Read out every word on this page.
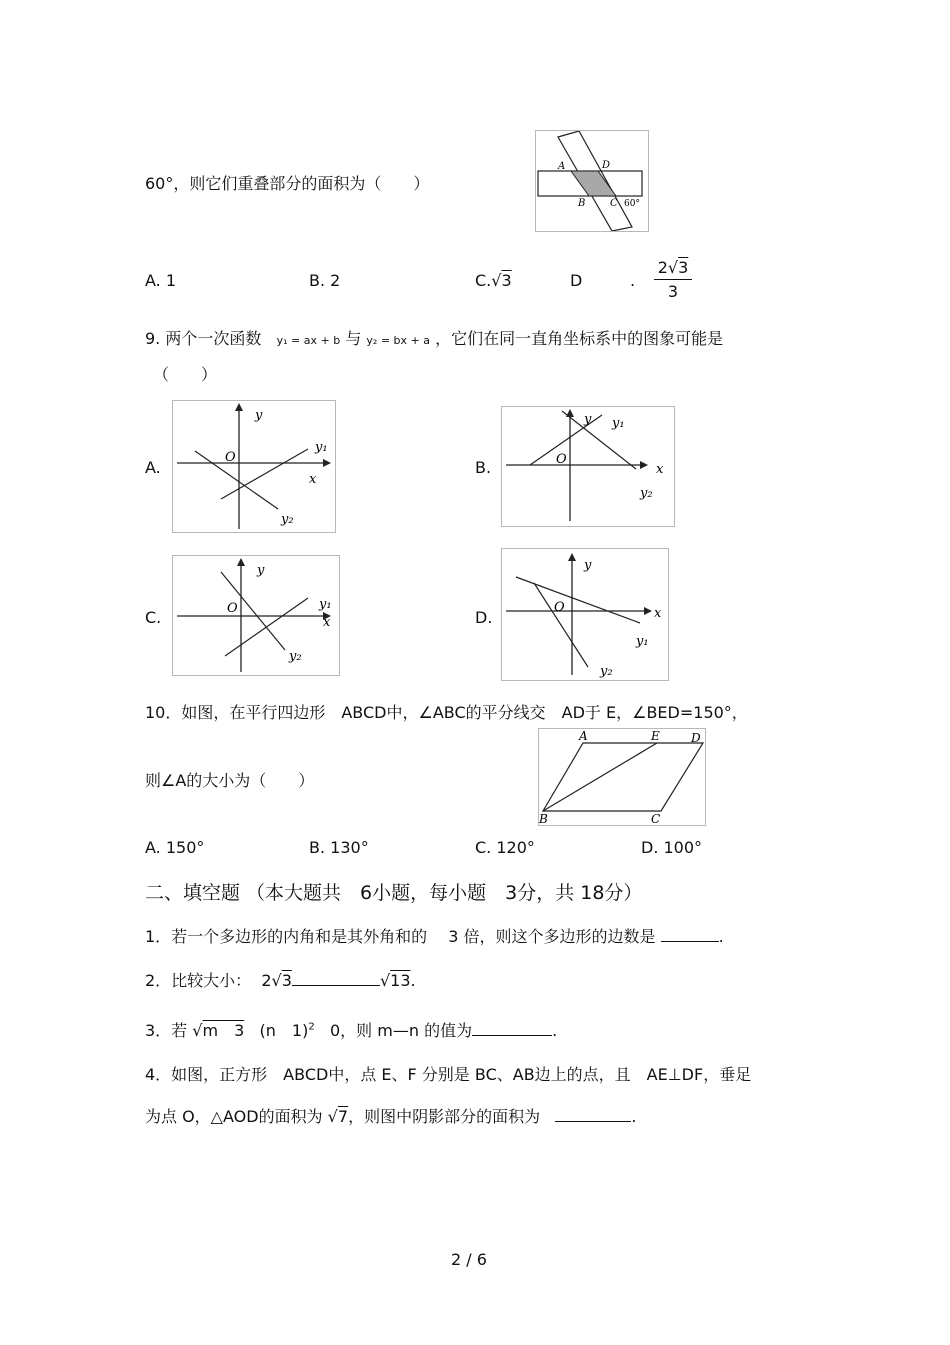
60°，则它们重叠部分的面积为（　　）
A	D
B C 60°
A. 1	B. 2	C.√3	D	.
2√3
3
9. 两个一次函数 y₁ = ax + b 与 y₂ = bx + a ，它们在同一直角坐标系中的图象可能是
（　　）
A.
y
O
x
y₁
y₂
B.
y
O
x
y₁
y₂
C.
y
O
x
y₁
y₂
D.
y
O	x
y₁
y₂
10．如图，在平行四边形　ABCD中，∠ABC的平分线交　AD于 E，∠BED=150°，
则∠A的大小为（　　）
A	E	D
B	C
A. 150°	B. 130°	C. 120°	D. 100°
二、填空题 （本大题共　6小题，每小题　3分，共 18分）
1．若一个多边形的内角和是其外角和的　 3 倍，则这个多边形的边数是	.
2．比较大小： 2√3	√13.
3．若 √m　3 (n　1)$^2$ 0，则 m—n 的值为	.
4．如图，正方形　ABCD中，点 E、F 分别是 BC、AB边上的点，且　AE⊥DF，垂足
为点 O，△AOD的面积为 √7，则图中阴影部分的面积为	.
2 / 6
